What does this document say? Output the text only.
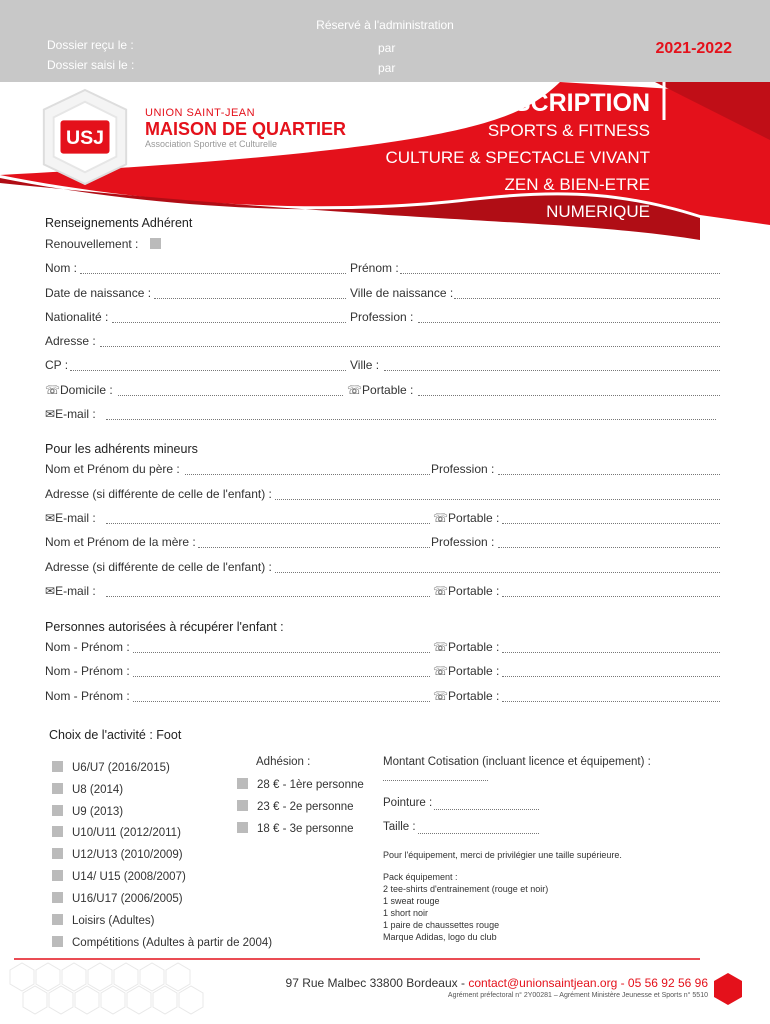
Réservé à l'administration
Dossier reçu le :
Dossier saisi le :
par
par
2021-2022
USJ
UNION SAINT-JEAN
MAISON DE QUARTIER
Association Sportive et Culturelle
INSCRIPTION
SPORTS & FITNESS
CULTURE & SPECTACLE VIVANT
ZEN & BIEN-ETRE
NUMERIQUE
Renseignements Adhérent
Renouvellement :
Nom :	Prénom :
Date de naissance :	Ville de naissance :
Nationalité :	Profession :
Adresse :
CP :	Ville :
☏Domicile :	☏Portable :
✉E-mail :
Pour les adhérents mineurs
Nom et Prénom du père :	Profession :
Adresse (si différente de celle de l'enfant) :
✉E-mail :	☏Portable :
Nom et Prénom de la mère :	Profession :
Adresse (si différente de celle de l'enfant) :
✉E-mail :	☏Portable :
Personnes autorisées à récupérer l'enfant :
Nom - Prénom :	☏Portable :
Nom - Prénom :	☏Portable :
Nom - Prénom :	☏Portable :
Choix de l'activité : Foot
U6/U7 (2016/2015)
U8 (2014)
U9 (2013)
U10/U11 (2012/2011)
U12/U13 (2010/2009)
U14/ U15 (2008/2007)
U16/U17 (2006/2005)
Loisirs (Adultes)
Compétitions (Adultes à partir de 2004)
Adhésion :
28 € - 1ère personne
23 € - 2e personne
18 € - 3e personne
Montant Cotisation (incluant licence et équipement) :
Pointure :
Taille :
Pour l'équipement, merci de privilégier une taille supérieure.
Pack équipement :
2 tee-shirts d'entrainement (rouge et noir)
1 sweat rouge
1 short noir
1 paire de chaussettes rouge
Marque Adidas, logo du club
97 Rue Malbec 33800 Bordeaux - contact@unionsaintjean.org - 05 56 92 56 96
Agrément préfectoral n° 2Y00281 – Agrément Ministère Jeunesse et Sports n° 5510
